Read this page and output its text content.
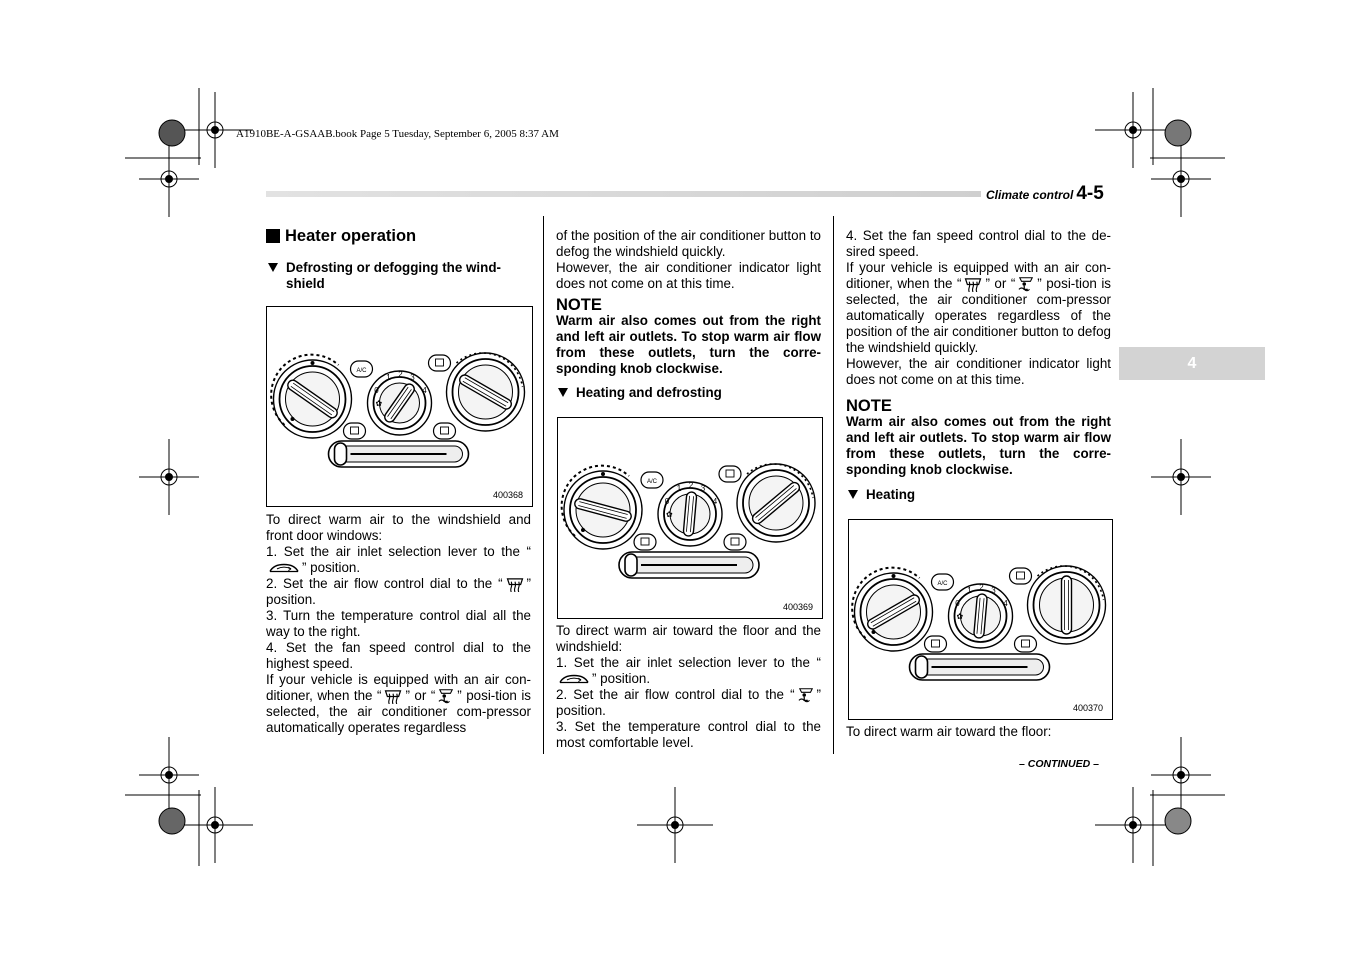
A1910BE-A-GSAAB.book Page 5 Tuesday, September 6, 2005 8:37 AM
Climate control 4-5
4
Heater operation
Defrosting or defogging the wind-shield
0
1 2 3
4
✿
A/C
400368

To direct warm air to the windshield and front door windows:

1. Set the air inlet selection lever to the “” position.

2. Set the air flow control dial to the “ ” position.

3. Turn the temperature control dial all the way to the right.

4. Set the fan speed control dial to the highest speed.

If your vehicle is equipped with an air con-ditioner, when the “ ” or “ ” posi-tion is selected, the air conditioner com-pressor automatically operates regardless

of the position of the air conditioner button to defog the windshield quickly.

However, the air conditioner indicator light does not come on at this time.

NOTE

Warm air also comes out from the right and left air outlets. To stop warm air flow from these outlets, turn the corre-sponding knob clockwise.

Heating and defrosting
0
1 2 3
4
✿
A/C
400369

To direct warm air toward the floor and the windshield:

1. Set the air inlet selection lever to the “” position.

2. Set the air flow control dial to the “ ” position.

3. Set the temperature control dial to the most comfortable level.

4. Set the fan speed control dial to the de-sired speed.

If your vehicle is equipped with an air con-ditioner, when the “ ” or “ ” posi-tion is selected, the air conditioner com-pressor automatically operates regardless of the position of the air conditioner button to defog the windshield quickly.

However, the air conditioner indicator light does not come on at this time.

NOTE

Warm air also comes out from the right and left air outlets. To stop warm air flow from these outlets, turn the corre-sponding knob clockwise.

Heating
0
1 2 3
4
✿
A/C
400370

To direct warm air toward the floor:

– CONTINUED –
